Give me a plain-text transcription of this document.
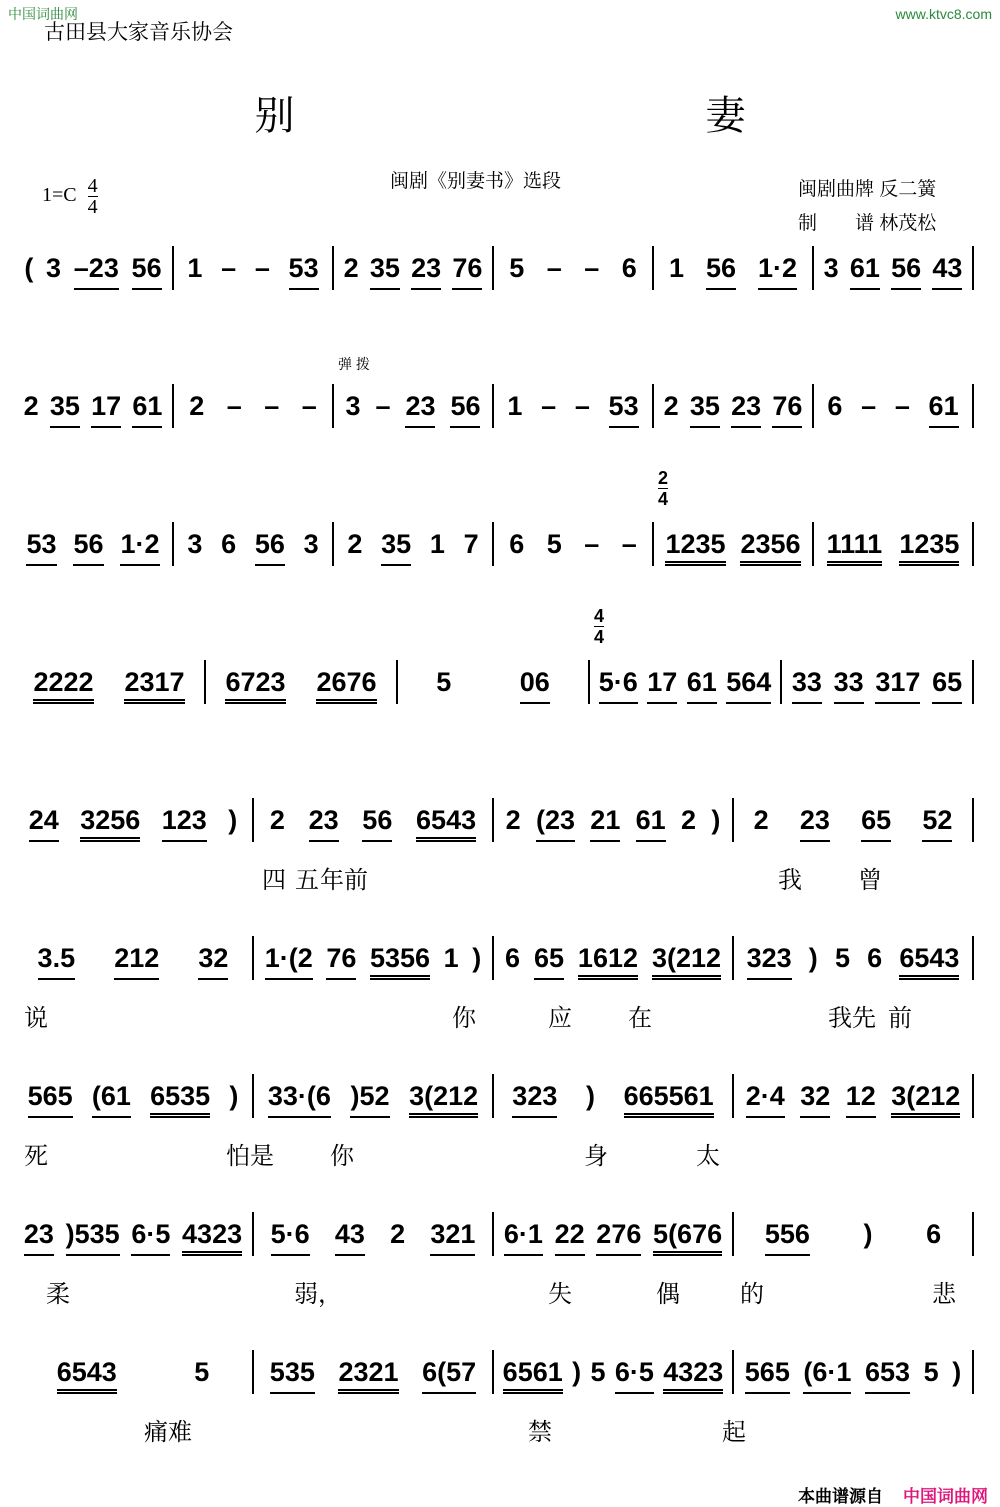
中国词曲网	www.ktvc8.com
古田县大家音乐协会
别 妻
$1=C \frac{4}{4}$	闽剧《别妻书》选段	闽剧曲牌 反二簧
制　　谱 林茂松
( 3 –23 56 1 – – 53 2 35 23 76 5 – – 6 1 56 1·2 3 61 56 43
2 35 17 61 2 – – –
弹 拨
3 – 23 56 1 – – 53 2 35 23 76 6 – – 61
53 56 1·2 3 6 56 3 2 35 1 7 6 5 – –
2
4
1235 2356 1111 1235
2222 2317 6723 2676 5	06
4
4
5·6 17 61 564 33 33 317 65
24 3256 123 ) 2 23 56 6543 2 (23 21 61 2 ) 2 23 65 52
3.5 212 32 1·(2 76 5356 1 ) 6 65 1612 3(212 323 ) 5 6 6543
565 (61 6535 ) 33·(6 )52 3(212 323 ) 665561 2·4 32 12 3(212
23 )535 6·5 4323 5·6 43 2 321 6·1 22 276 5(676 556 ) 6
6543	5 535 2321 6(57 6561 ) 5 6·5 4323 565 (6·1 653 5 )
四 五 年前	我 曾
说	你	应 在	我先 前
死	怕是 你	身	太
柔	弱，	失	偶	的	悲
痛难	禁	起
本曲谱源自 中国词曲网
